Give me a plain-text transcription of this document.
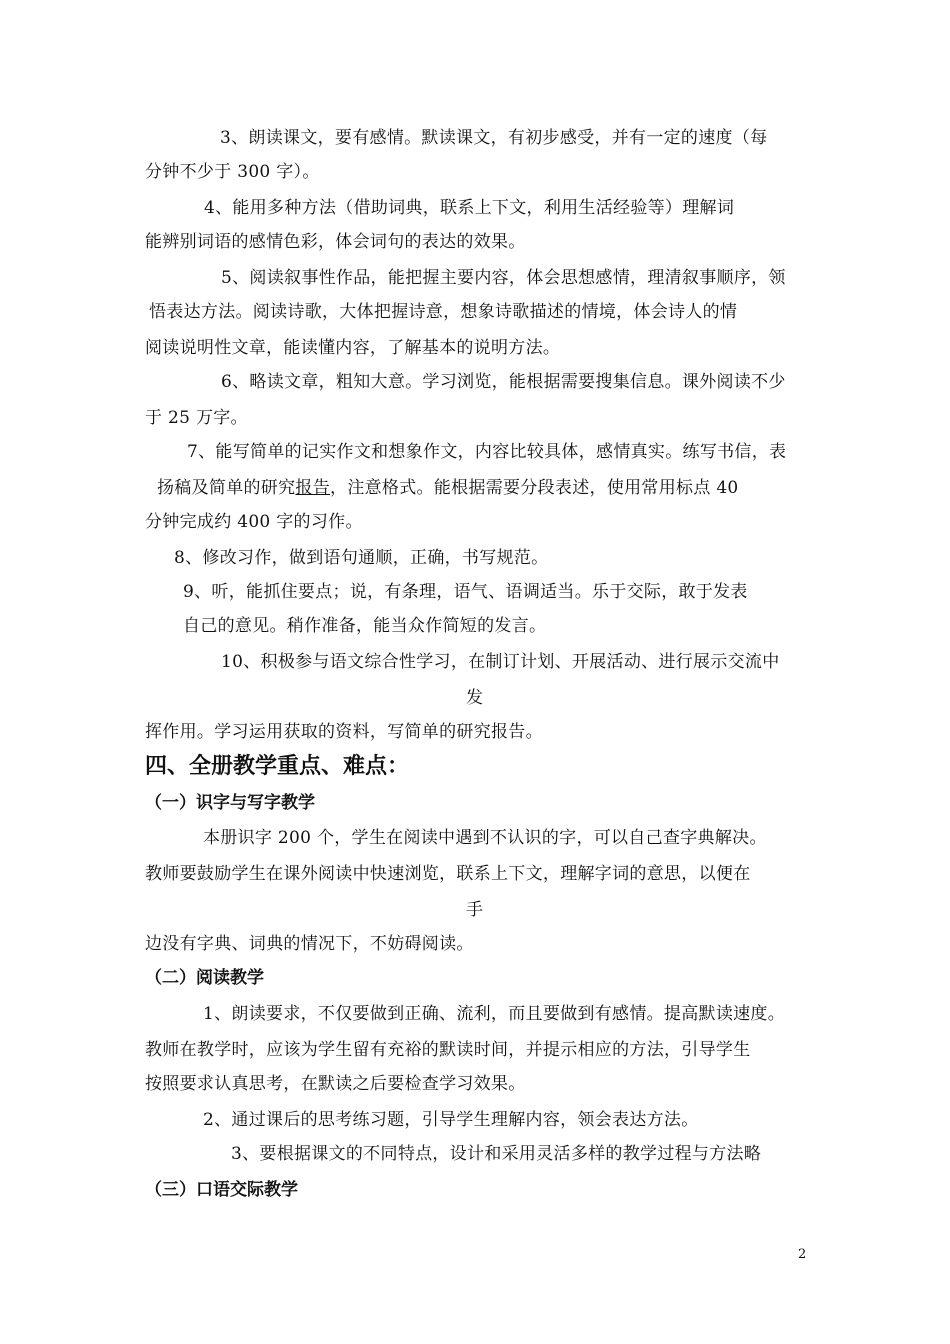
3、朗读课文，要有感情。默读课文，有初步感受，并有一定的速度（每
分钟不少于 300 字）。
4、能用多种方法（借助词典，联系上下文，利用生活经验等）理解词
能辨别词语的感情色彩，体会词句的表达的效果。
5、阅读叙事性作品，能把握主要内容，体会思想感情，理清叙事顺序，领
悟表达方法。阅读诗歌，大体把握诗意，想象诗歌描述的情境，体会诗人的情
阅读说明性文章，能读懂内容，了解基本的说明方法。
6、略读文章，粗知大意。学习浏览，能根据需要搜集信息。课外阅读不少
于 25 万字。
7、能写简单的记实作文和想象作文，内容比较具体，感情真实。练写书信，表
扬稿及简单的研究报告，注意格式。能根据需要分段表述，使用常用标点 40
分钟完成约 400 字的习作。
8、修改习作，做到语句通顺，正确，书写规范。
9、听，能抓住要点；说，有条理，语气、语调适当。乐于交际，敢于发表
自己的意见。稍作准备，能当众作简短的发言。
10、积极参与语文综合性学习，在制订计划、开展活动、进行展示交流中
发
挥作用。学习运用获取的资料，写简单的研究报告。
四、全册教学重点、难点：
（一）识字与写字教学
本册识字 200 个，学生在阅读中遇到不认识的字，可以自己查字典解决。
教师要鼓励学生在课外阅读中快速浏览，联系上下文，理解字词的意思，以便在
手
边没有字典、词典的情况下，不妨碍阅读。
（二）阅读教学
1、朗读要求，不仅要做到正确、流利，而且要做到有感情。提高默读速度。
教师在教学时，应该为学生留有充裕的默读时间，并提示相应的方法，引导学生
按照要求认真思考，在默读之后要检查学习效果。
2、通过课后的思考练习题，引导学生理解内容，领会表达方法。
3、要根据课文的不同特点，设计和采用灵活多样的教学过程与方法略
（三）口语交际教学
2
